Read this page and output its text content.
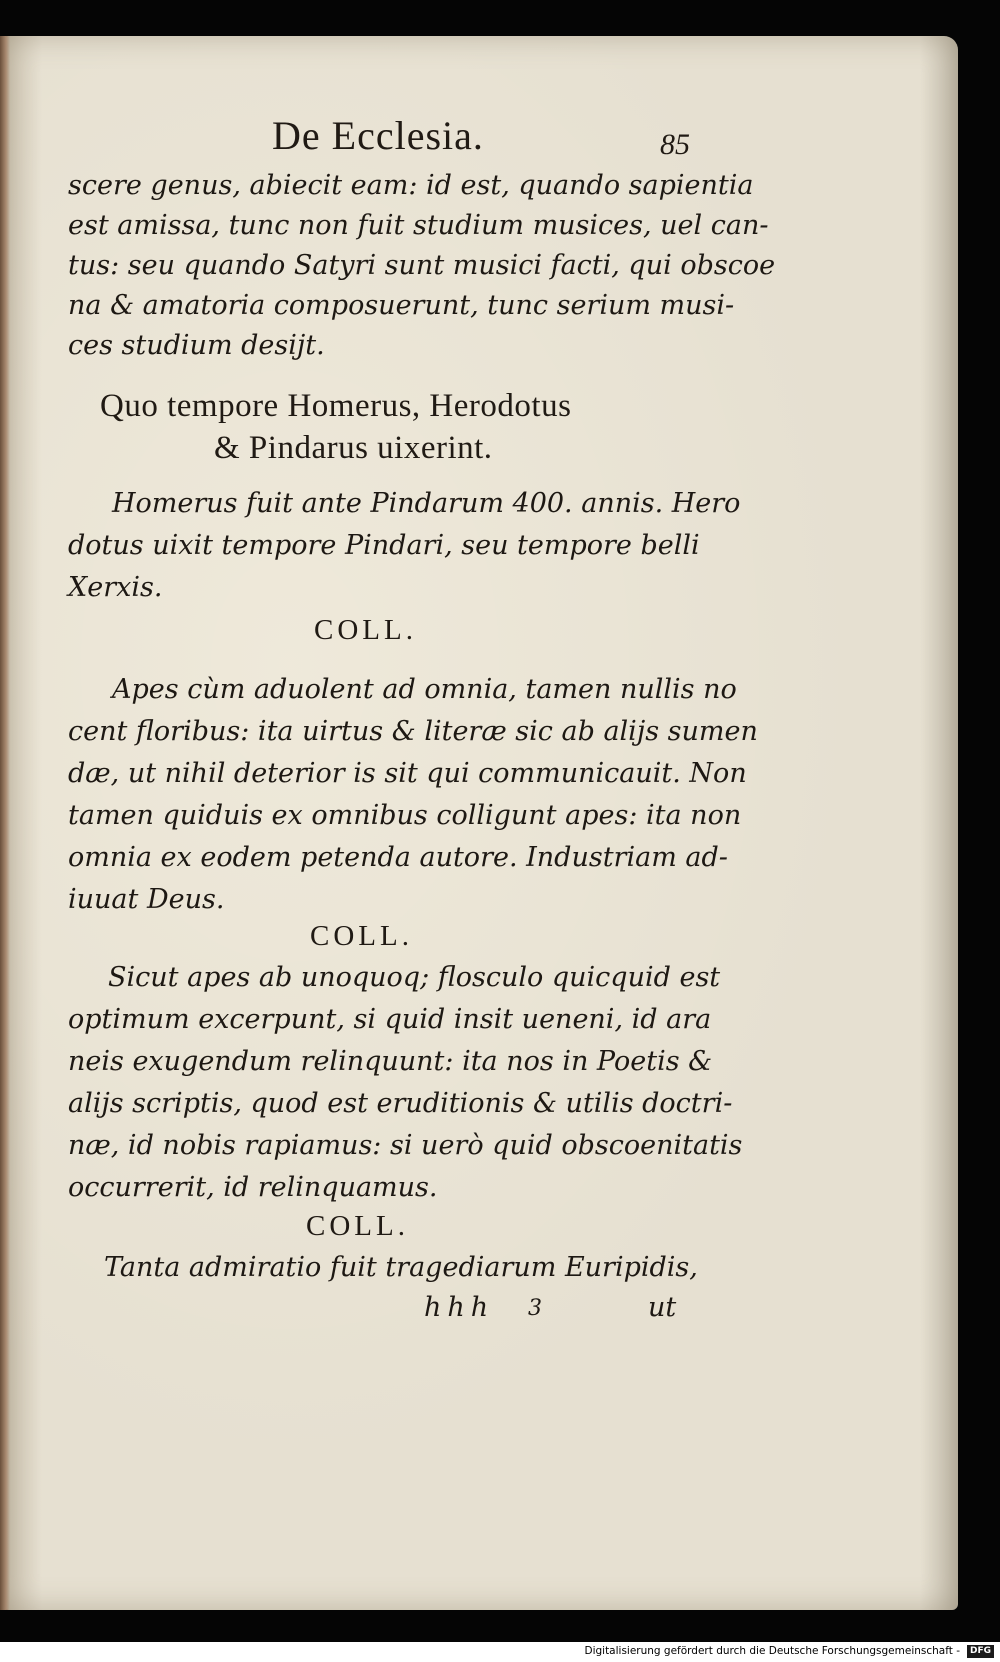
De Ecclesia.	85
scere genus, abiecit eam: id est, quando sapientia
est amissa, tunc non fuit studium musices, uel can-
tus: seu quando Satyri sunt musici facti, qui obscoe
na & amatoria composuerunt, tunc serium musi-
ces studium desijt.
Quo tempore Homerus, Herodotus
& Pindarus uixerint.
Homerus fuit ante Pindarum 400. annis. Hero
dotus uixit tempore Pindari, seu tempore belli
Xerxis.
COLL.
Apes cùm aduolent ad omnia, tamen nullis no
cent floribus: ita uirtus & literæ sic ab alijs sumen
dæ, ut nihil deterior is sit qui communicauit. Non
tamen quiduis ex omnibus colligunt apes: ita non
omnia ex eodem petenda autore. Industriam ad-
iuuat Deus.
COLL.
Sicut apes ab unoquoq; flosculo quicquid est
optimum excerpunt, si quid insit ueneni, id ara
neis exugendum relinquunt: ita nos in Poetis &
alijs scriptis, quod est eruditionis & utilis doctri-
næ, id nobis rapiamus: si uerò quid obscoenitatis
occurrerit, id relinquamus.
COLL.
Tanta admiratio fuit tragediarum Euripidis,
hhh 3	ut
Digitalisierung gefördert durch die Deutsche Forschungsgemeinschaft -	DFG
